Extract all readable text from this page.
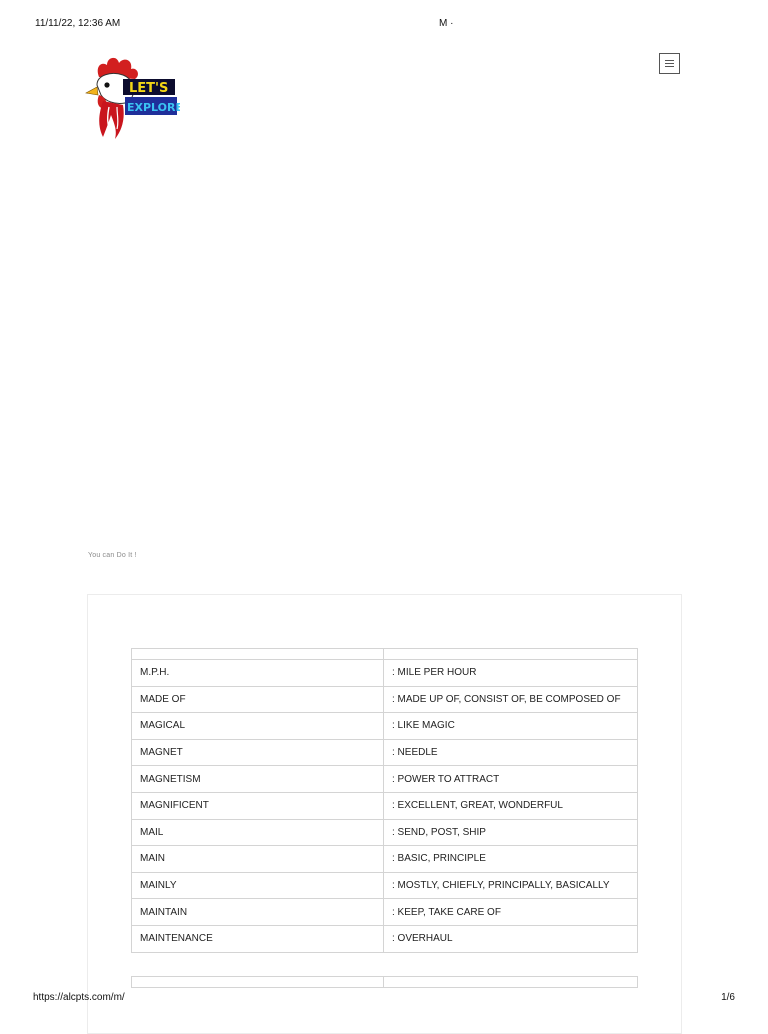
11/11/22, 12:36 AM	M ·
LET'S
EXPLORE
You can Do It !

M.P.H.	: MILE PER HOUR
MADE OF	: MADE UP OF, CONSIST OF, BE COMPOSED OF
MAGICAL	: LIKE MAGIC
MAGNET	: NEEDLE
MAGNETISM	: POWER TO ATTRACT
MAGNIFICENT	: EXCELLENT, GREAT, WONDERFUL
MAIL	: SEND, POST, SHIP
MAIN	: BASIC, PRINCIPLE
MAINLY	: MOSTLY, CHIEFLY, PRINCIPALLY, BASICALLY
MAINTAIN	: KEEP, TAKE CARE OF
MAINTENANCE	: OVERHAUL

https://alcpts.com/m/	1/6
